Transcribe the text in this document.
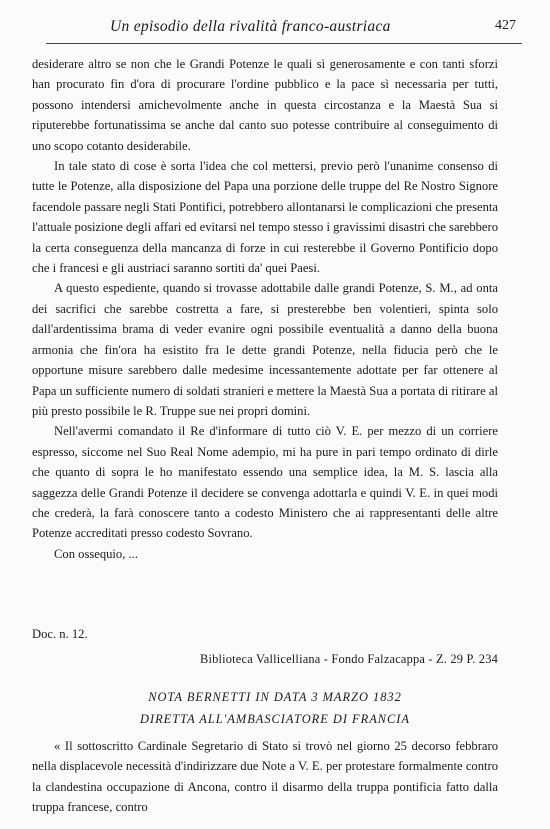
Un episodio della rivalità franco-austriaca	427

desiderare altro se non che le Grandi Potenze le quali sì generosamente e con tanti sforzi han procurato fin d'ora di procurare l'ordine pubblico e la pace sì necessaria per tutti, possono intendersi amichevolmente anche in questa circostanza e la Maestà Sua si riputerebbe fortunatissima se anche dal canto suo potesse contribuire al conseguimento di uno scopo cotanto desiderabile.

In tale stato di cose è sorta l'idea che col mettersi, previo però l'unanime consenso di tutte le Potenze, alla disposizione del Papa una porzione delle truppe del Re Nostro Signore facendole passare negli Stati Pontifici, potrebbero allontanarsi le complicazioni che presenta l'attuale posizione degli affari ed evitarsi nel tempo stesso i gravissimi disastri che sarebbero la certa conseguenza della mancanza di forze in cui resterebbe il Governo Pontificio dopo che i francesi e gli austriaci saranno sortiti da' quei Paesi.

A questo espediente, quando si trovasse adottabile dalle grandi Potenze, S. M., ad onta dei sacrifici che sarebbe costretta a fare, si presterebbe ben volentieri, spinta solo dall'ardentissima brama di veder evanire ogni possibile eventualità a danno della buona armonia che fin'ora ha esistito fra le dette grandi Potenze, nella fiducia però che le opportune misure sarebbero dalle medesime incessantemente adottate per far ottenere al Papa un sufficiente numero di soldati stranieri e mettere la Maestà Sua a portata di ritirare al più presto possibile le R. Truppe sue nei propri domini.

Nell'avermi comandato il Re d'informare di tutto ciò V. E. per mezzo di un corriere espresso, siccome nel Suo Real Nome adempio, mi ha pure in pari tempo ordinato di dirle che quanto di sopra le ho manifestato essendo una semplice idea, la M. S. lascia alla saggezza delle Grandi Potenze il decidere se convenga adottarla e quindi V. E. in quei modi che crederà, la farà conoscere tanto a codesto Ministero che ai rappresentanti delle altre Potenze accreditati presso codesto Sovrano.

Con ossequio, ...

Doc. n. 12.
Biblioteca Vallicelliana - Fondo Falzacappa - Z. 29 P. 234
NOTA BERNETTI IN DATA 3 MARZO 1832
DIRETTA ALL'AMBASCIATORE DI FRANCIA

« Il sottoscritto Cardinale Segretario di Stato si trovò nel giorno 25 decorso febbraro nella displacevole necessità d'indirizzare due Note a V. E. per protestare formalmente contro la clandestina occupazione di Ancona, contro il disarmo della truppa pontificia fatto dalla truppa francese, contro
